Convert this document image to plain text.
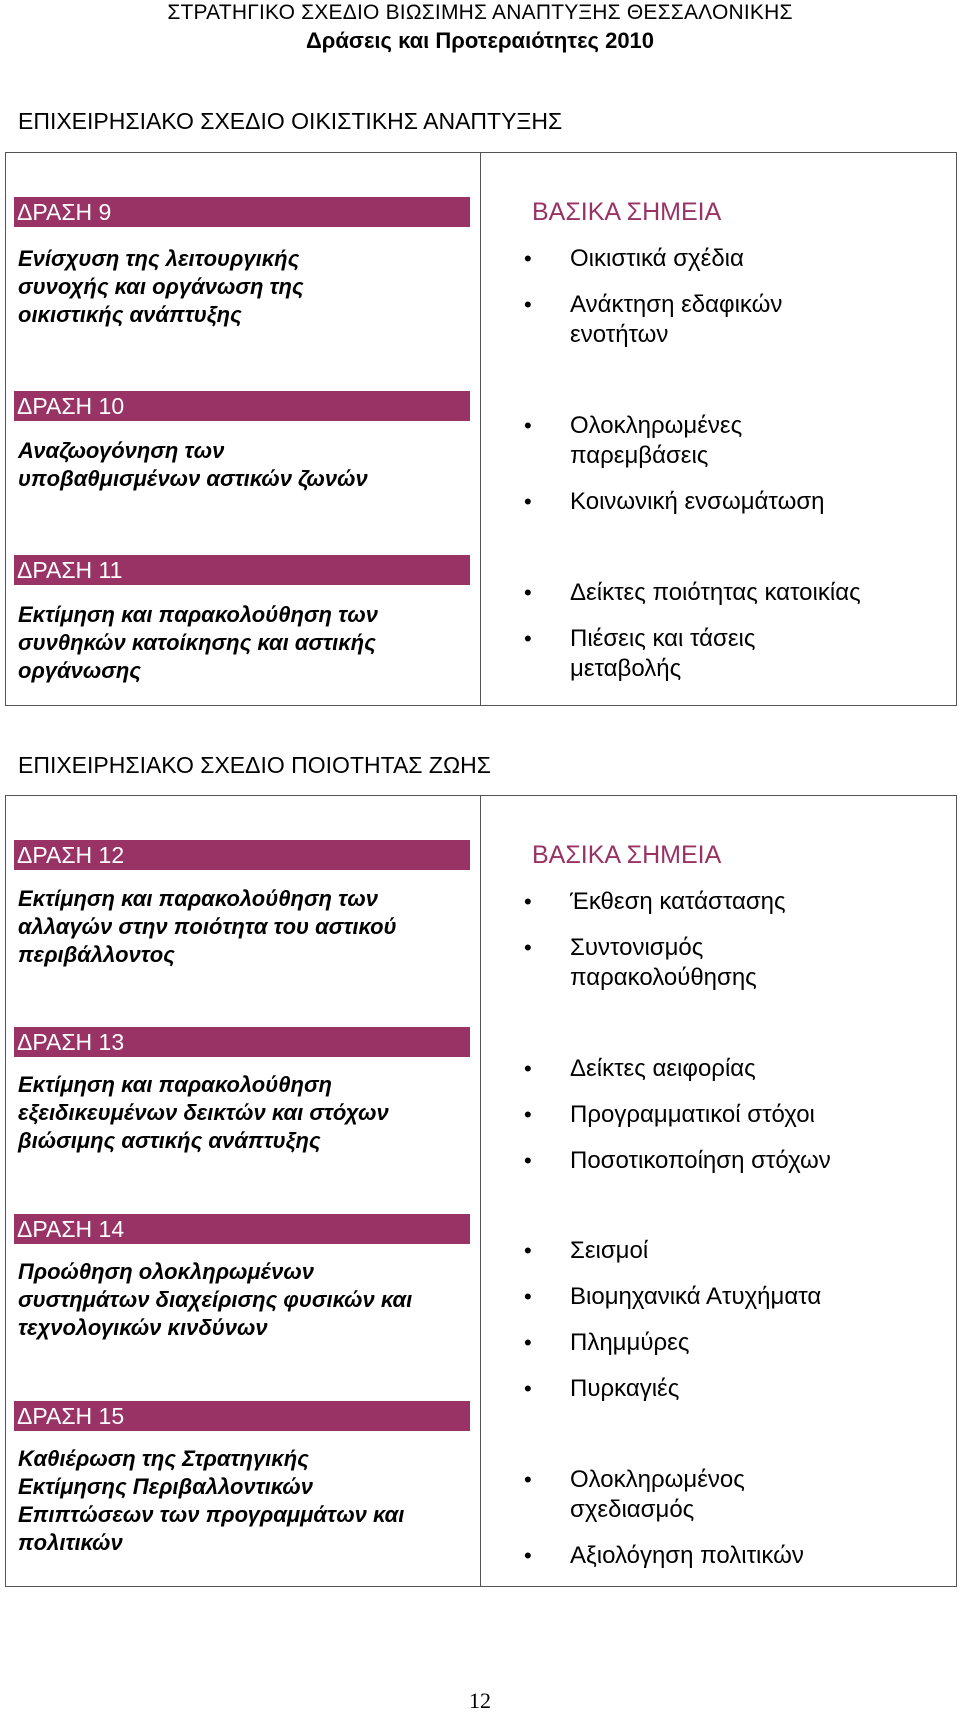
ΣΤΡΑΤΗΓΙΚΟ ΣΧΕΔΙΟ ΒΙΩΣΙΜΗΣ ΑΝΑΠΤΥΞΗΣ ΘΕΣΣΑΛΟΝΙΚΗΣ
Δράσεις και Προτεραιότητες 2010
ΕΠΙΧΕΙΡΗΣΙΑΚΟ ΣΧΕΔΙΟ ΟΙΚΙΣΤΙΚΗΣ ΑΝΑΠΤΥΞΗΣ
ΔΡΑΣΗ 9
Ενίσχυση της λειτουργικής
συνοχής και οργάνωση της
οικιστικής ανάπτυξης
ΔΡΑΣΗ 10
Αναζωογόνηση των
υποβαθμισμένων αστικών ζωνών
ΔΡΑΣΗ 11
Εκτίμηση και παρακολούθηση των
συνθηκών κατοίκησης και αστικής
οργάνωσης
ΒΑΣΙΚΑ ΣΗΜΕΙΑ
• Οικιστικά σχέδια
• Ανάκτηση εδαφικών
ενοτήτων
• Ολοκληρωμένες
παρεμβάσεις
• Κοινωνική ενσωμάτωση
• Δείκτες ποιότητας κατοικίας
• Πιέσεις και τάσεις
μεταβολής
ΕΠΙΧΕΙΡΗΣΙΑΚΟ ΣΧΕΔΙΟ ΠΟΙΟΤΗΤΑΣ ΖΩΗΣ
ΔΡΑΣΗ 12
Εκτίμηση και παρακολούθηση των
αλλαγών στην ποιότητα του αστικού
περιβάλλοντος
ΔΡΑΣΗ 13
Εκτίμηση και παρακολούθηση
εξειδικευμένων δεικτών και στόχων
βιώσιμης αστικής ανάπτυξης
ΔΡΑΣΗ 14
Προώθηση ολοκληρωμένων
συστημάτων διαχείρισης φυσικών και
τεχνολογικών κινδύνων
ΔΡΑΣΗ 15
Καθιέρωση της Στρατηγικής
Εκτίμησης Περιβαλλοντικών
Επιπτώσεων των προγραμμάτων και
πολιτικών
ΒΑΣΙΚΑ ΣΗΜΕΙΑ
• Έκθεση κατάστασης
• Συντονισμός
παρακολούθησης
• Δείκτες αειφορίας
• Προγραμματικοί στόχοι
• Ποσοτικοποίηση στόχων
• Σεισμοί
• Βιομηχανικά Ατυχήματα
• Πλημμύρες
• Πυρκαγιές
• Ολοκληρωμένος
σχεδιασμός
• Αξιολόγηση πολιτικών
12
